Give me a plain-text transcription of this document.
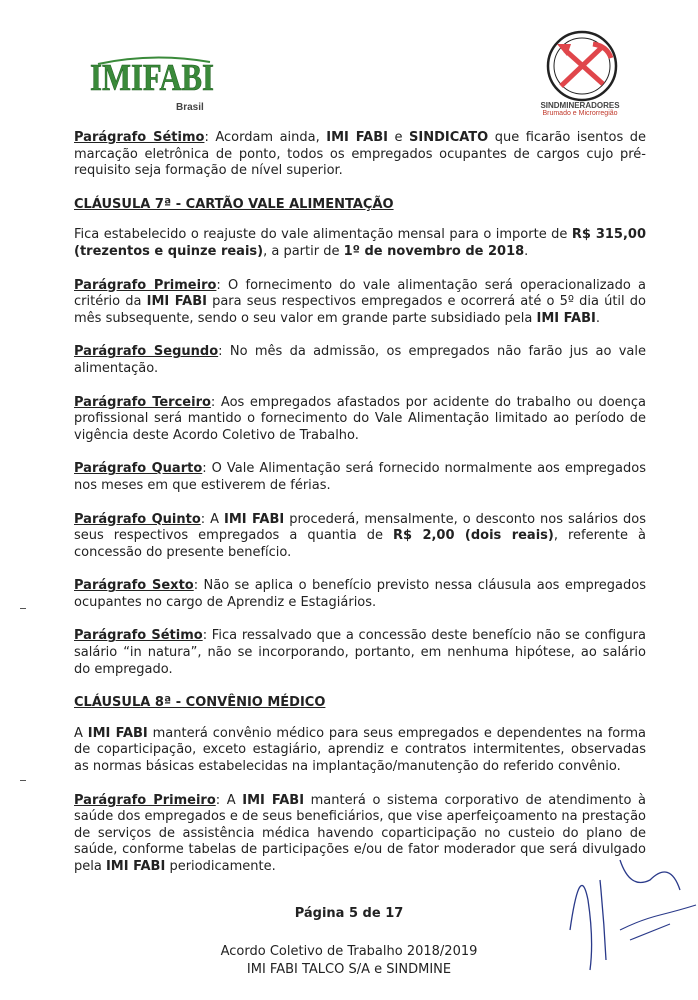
IMIFABI
Brasil	SINDMINERADORES
Brumado e Microrregião

Parágrafo Sétimo: Acordam ainda, IMI FABI e SINDICATO que ficarão isentos de marcação eletrônica de ponto, todos os empregados ocupantes de cargos cujo pré-requisito seja formação de nível superior.

CLÁUSULA 7ª - CARTÃO VALE ALIMENTAÇÃO

Fica estabelecido o reajuste do vale alimentação mensal para o importe de R$ 315,00 (trezentos e quinze reais), a partir de 1º de novembro de 2018.

Parágrafo Primeiro: O fornecimento do vale alimentação será operacionalizado a critério da IMI FABI para seus respectivos empregados e ocorrerá até o 5º dia útil do mês subsequente, sendo o seu valor em grande parte subsidiado pela IMI FABI.

Parágrafo Segundo: No mês da admissão, os empregados não farão jus ao vale alimentação.

Parágrafo Terceiro: Aos empregados afastados por acidente do trabalho ou doença profissional será mantido o fornecimento do Vale Alimentação limitado ao período de vigência deste Acordo Coletivo de Trabalho.

Parágrafo Quarto: O Vale Alimentação será fornecido normalmente aos empregados nos meses em que estiverem de férias.

Parágrafo Quinto: A IMI FABI procederá, mensalmente, o desconto nos salários dos seus respectivos empregados a quantia de R$ 2,00 (dois reais), referente à concessão do presente benefício.

Parágrafo Sexto: Não se aplica o benefício previsto nessa cláusula aos empregados ocupantes no cargo de Aprendiz e Estagiários.

Parágrafo Sétimo: Fica ressalvado que a concessão deste benefício não se configura salário “in natura”, não se incorporando, portanto, em nenhuma hipótese, ao salário do empregado.

CLÁUSULA 8ª - CONVÊNIO MÉDICO

A IMI FABI manterá convênio médico para seus empregados e dependentes na forma de coparticipação, exceto estagiário, aprendiz e contratos intermitentes, observadas as normas básicas estabelecidas na implantação/manutenção do referido convênio.

Parágrafo Primeiro: A IMI FABI manterá o sistema corporativo de atendimento à saúde dos empregados e de seus beneficiários, que vise aperfeiçoamento na prestação de serviços de assistência médica havendo coparticipação no custeio do plano de saúde, conforme tabelas de participações e/ou de fator moderador que será divulgado pela IMI FABI periodicamente.

Página 5 de 17
Acordo Coletivo de Trabalho 2018/2019
IMI FABI TALCO S/A e SINDMINE
